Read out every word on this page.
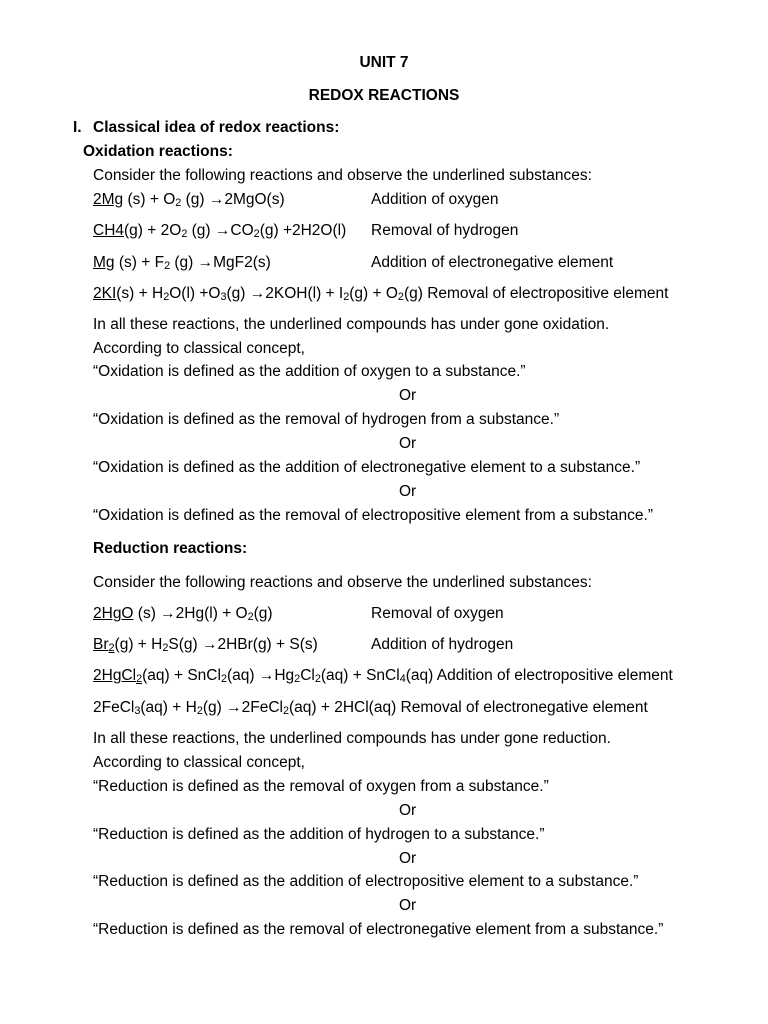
UNIT 7
REDOX REACTIONS
I. Classical idea of redox reactions:
Oxidation reactions:
Consider the following reactions and observe the underlined substances:
2Mg $(s) + O_2$ (g) →2MgO(s)	Addition of oxygen
$CH4(g) + 2O_2$ $(g) \to CO_2(g) +2H2O(l)$ Removal of hydrogen
Mg $(s) + F_2$ (g) →MgF2(s)	Addition of electronegative element
$2KI(s) + H_2O(l) +O_3(g) \to 2KOH(l) + I_2(g) + O_2(g)$ Removal of electropositive element
In all these reactions, the underlined compounds has under gone oxidation.
According to classical concept,
“Oxidation is defined as the addition of oxygen to a substance.”
Or
“Oxidation is defined as the removal of hydrogen from a substance.”
Or
“Oxidation is defined as the addition of electronegative element to a substance.”
Or
“Oxidation is defined as the removal of electropositive element from a substance.”
Reduction reactions:
Consider the following reactions and observe the underlined substances:
2HgO $(s) \to 2Hg(l) + O_2(g)$	Removal of oxygen
$Br_2(g) + H_2S(g) \to 2HBr(g) + S(s)$	Addition of hydrogen
2HgCl$_2$(aq) + SnCl$_2$(aq) $\to Hg_2Cl_2(aq)$ + SnCl$_4$(aq) Addition of electropositive element
2FeCl$_3$(aq) + $H_2(g)$ →2FeCl$_2$(aq) + 2HCl(aq) Removal of electronegative element
In all these reactions, the underlined compounds has under gone reduction.
According to classical concept,
“Reduction is defined as the removal of oxygen from a substance.”
Or
“Reduction is defined as the addition of hydrogen to a substance.”
Or
“Reduction is defined as the addition of electropositive element to a substance.”
Or
“Reduction is defined as the removal of electronegative element from a substance.”
